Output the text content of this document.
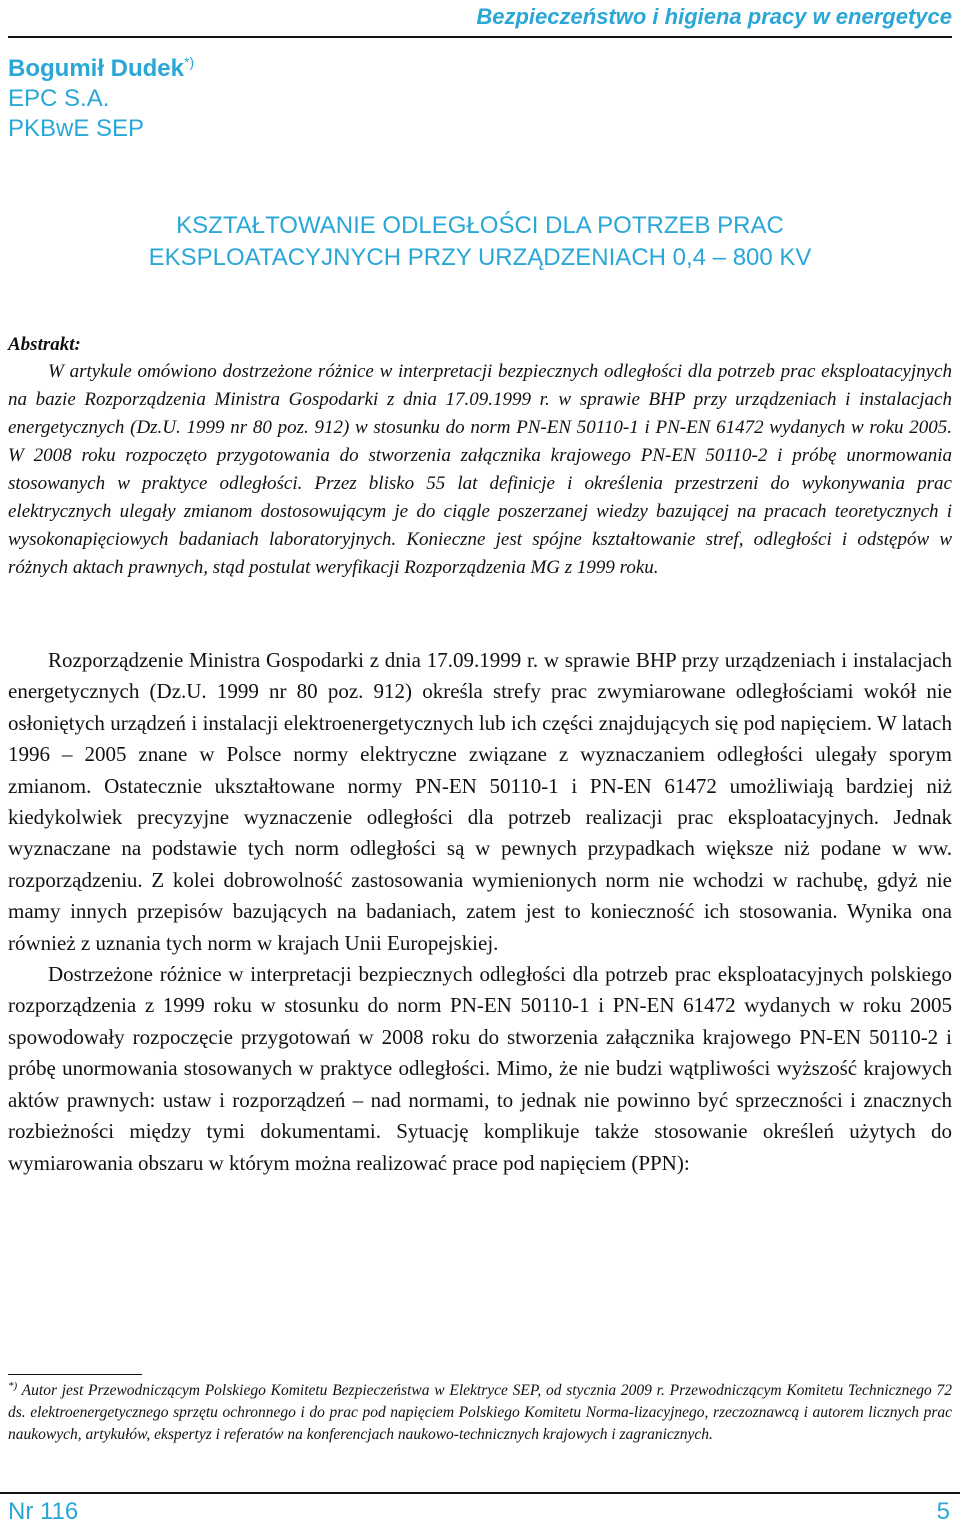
Bezpieczeństwo i higiena pracy w energetyce
Bogumił Dudek*)
EPC S.A.
PKBwE SEP
KSZTAŁTOWANIE ODLEGŁOŚCI DLA POTRZEB PRAC
EKSPLOATACYJNYCH PRZY URZĄDZENIACH 0,4 – 800 KV
Abstrakt:

W artykule omówiono dostrzeżone różnice w interpretacji bezpiecznych odległości dla potrzeb prac eksploatacyjnych na bazie Rozporządzenia Ministra Gospodarki z dnia 17.09.1999 r. w sprawie BHP przy urządzeniach i instalacjach energetycznych (Dz.U. 1999 nr 80 poz. 912) w stosunku do norm PN-EN 50110-1 i PN-EN 61472 wydanych w roku 2005. W 2008 roku rozpoczęto przygotowania do stworzenia załącznika krajowego PN-EN 50110-2 i próbę unormowania stosowanych w praktyce odległości. Przez blisko 55 lat definicje i określenia przestrzeni do wykonywania prac elektrycznych ulegały zmianom dostosowującym je do ciągle poszerzanej wiedzy bazującej na pracach teoretycznych i wysokonapięciowych badaniach laboratoryjnych. Konieczne jest spójne kształtowanie stref, odległości i odstępów w różnych aktach prawnych, stąd postulat weryfikacji Rozporządzenia MG z 1999 roku.

Rozporządzenie Ministra Gospodarki z dnia 17.09.1999 r. w sprawie BHP przy urządzeniach i instalacjach energetycznych (Dz.U. 1999 nr 80 poz. 912) określa strefy prac zwymiarowane odległościami wokół nie osłoniętych urządzeń i instalacji elektroenergetycznych lub ich części znajdujących się pod napięciem. W latach 1996 – 2005 znane w Polsce normy elektryczne związane z wyznaczaniem odległości ulegały sporym zmianom. Ostatecznie ukształtowane normy PN-EN 50110-1 i PN-EN 61472 umożliwiają bardziej niż kiedykolwiek precyzyjne wyznaczenie odległości dla potrzeb realizacji prac eksploatacyjnych. Jednak wyznaczane na podstawie tych norm odległości są w pewnych przypadkach większe niż podane w ww. rozporządzeniu. Z kolei dobrowolność zastosowania wymienionych norm nie wchodzi w rachubę, gdyż nie mamy innych przepisów bazujących na badaniach, zatem jest to konieczność ich stosowania. Wynika ona również z uznania tych norm w krajach Unii Europejskiej.

Dostrzeżone różnice w interpretacji bezpiecznych odległości dla potrzeb prac eksploatacyjnych polskiego rozporządzenia z 1999 roku w stosunku do norm PN-EN 50110-1 i PN-EN 61472 wydanych w roku 2005 spowodowały rozpoczęcie przygotowań w 2008 roku do stworzenia załącznika krajowego PN-EN 50110-2 i próbę unormowania stosowanych w praktyce odległości. Mimo, że nie budzi wątpliwości wyższość krajowych aktów prawnych: ustaw i rozporządzeń – nad normami, to jednak nie powinno być sprzeczności i znacznych rozbieżności między tymi dokumentami. Sytuację komplikuje także stosowanie określeń użytych do wymiarowania obszaru w którym można realizować prace pod napięciem (PPN):

*) Autor jest Przewodniczącym Polskiego Komitetu Bezpieczeństwa w Elektryce SEP, od stycznia 2009 r. Przewodniczącym Komitetu Technicznego 72 ds. elektroenergetycznego sprzętu ochronnego i do prac pod napięciem Polskiego Komitetu Norma-lizacyjnego, rzeczoznawcą i autorem licznych prac naukowych, artykułów, ekspertyz i referatów na konferencjach naukowo-technicznych krajowych i zagranicznych.
Nr 116	5
